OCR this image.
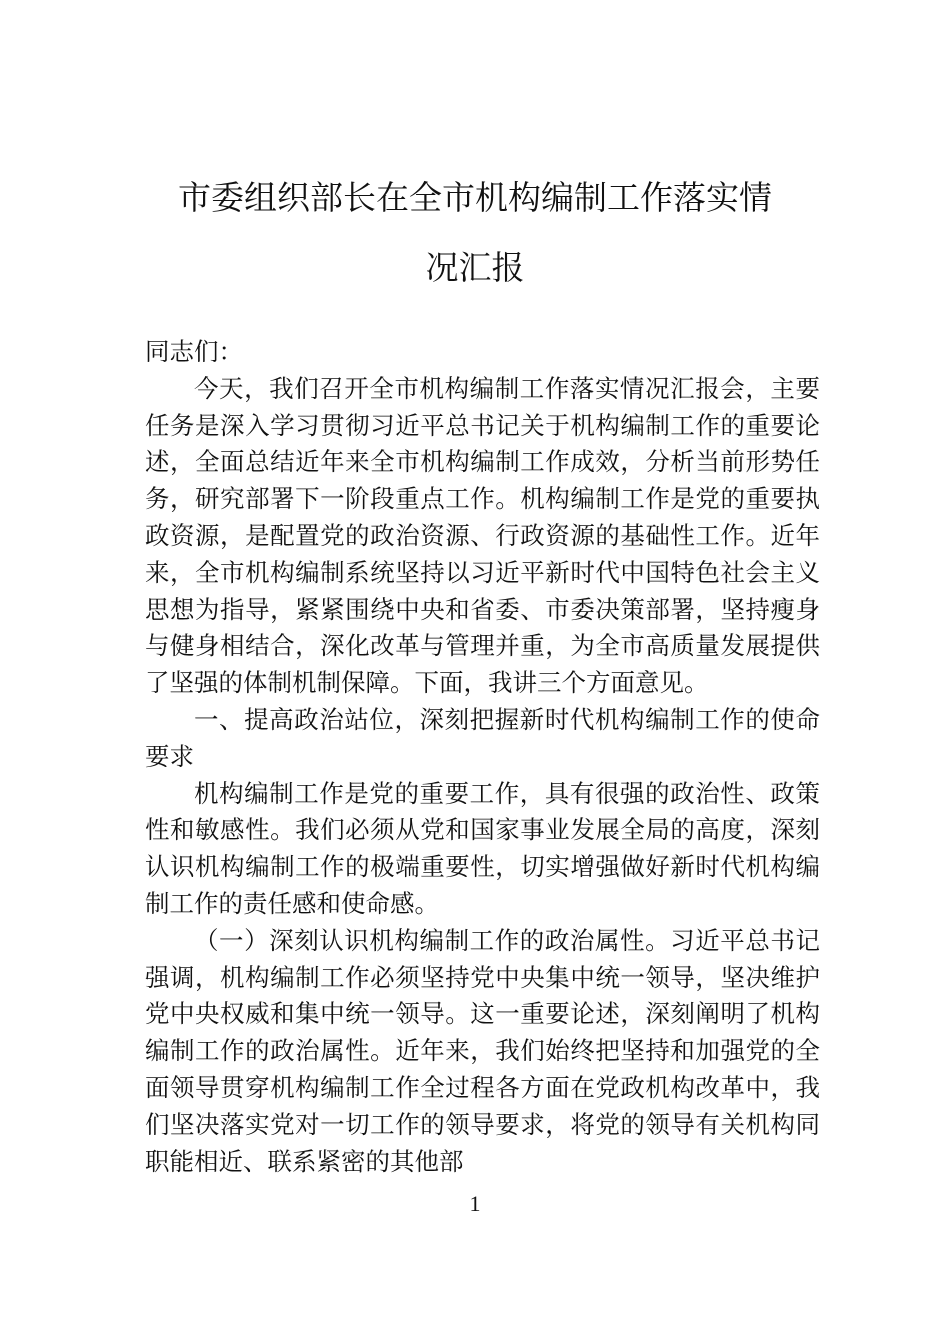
市委组织部长在全市机构编制工作落实情
况汇报

同志们：

今天，我们召开全市机构编制工作落实情况汇报会，主要任务是深入学习贯彻习近平总书记关于机构编制工作的重要论述，全面总结近年来全市机构编制工作成效，分析当前形势任务，研究部署下一阶段重点工作。机构编制工作是党的重要执政资源，是配置党的政治资源、行政资源的基础性工作。近年来，全市机构编制系统坚持以习近平新时代中国特色社会主义思想为指导，紧紧围绕中央和省委、市委决策部署，坚持瘦身与健身相结合，深化改革与管理并重，为全市高质量发展提供了坚强的体制机制保障。下面，我讲三个方面意见。

一、提高政治站位，深刻把握新时代机构编制工作的使命要求

机构编制工作是党的重要工作，具有很强的政治性、政策性和敏感性。我们必须从党和国家事业发展全局的高度，深刻认识机构编制工作的极端重要性，切实增强做好新时代机构编制工作的责任感和使命感。

（一）深刻认识机构编制工作的政治属性。习近平总书记强调，机构编制工作必须坚持党中央集中统一领导，坚决维护党中央权威和集中统一领导。这一重要论述，深刻阐明了机构编制工作的政治属性。近年来，我们始终把坚持和加强党的全面领导贯穿机构编制工作全过程各方面在党政机构改革中，我们坚决落实党对一切工作的领导要求，将党的领导有关机构同职能相近、联系紧密的其他部

1
